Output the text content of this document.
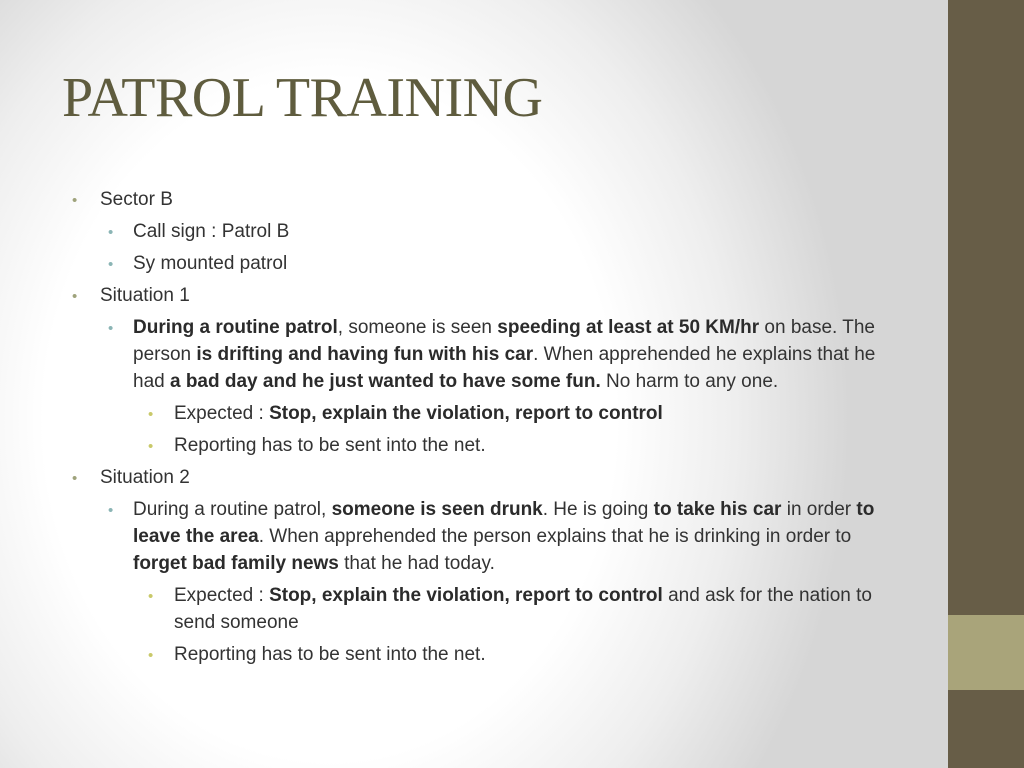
PATROL TRAINING
• Sector B
• Call sign : Patrol B
• Sy mounted patrol
• Situation 1
• During a routine patrol, someone is seen speeding at least at 50 KM/hr on base. The person is drifting and having fun with his car. When apprehended he explains that he had a bad day and he just wanted to have some fun. No harm to any one.
• Expected : Stop, explain the violation, report to control
• Reporting has to be sent into the net.
• Situation 2
• During a routine patrol, someone is seen drunk. He is going to take his car in order to leave the area. When apprehended the person explains that he is drinking in order to forget bad family news that he had today.
• Expected : Stop, explain the violation, report to control and ask for the nation to send someone
• Reporting has to be sent into the net.
